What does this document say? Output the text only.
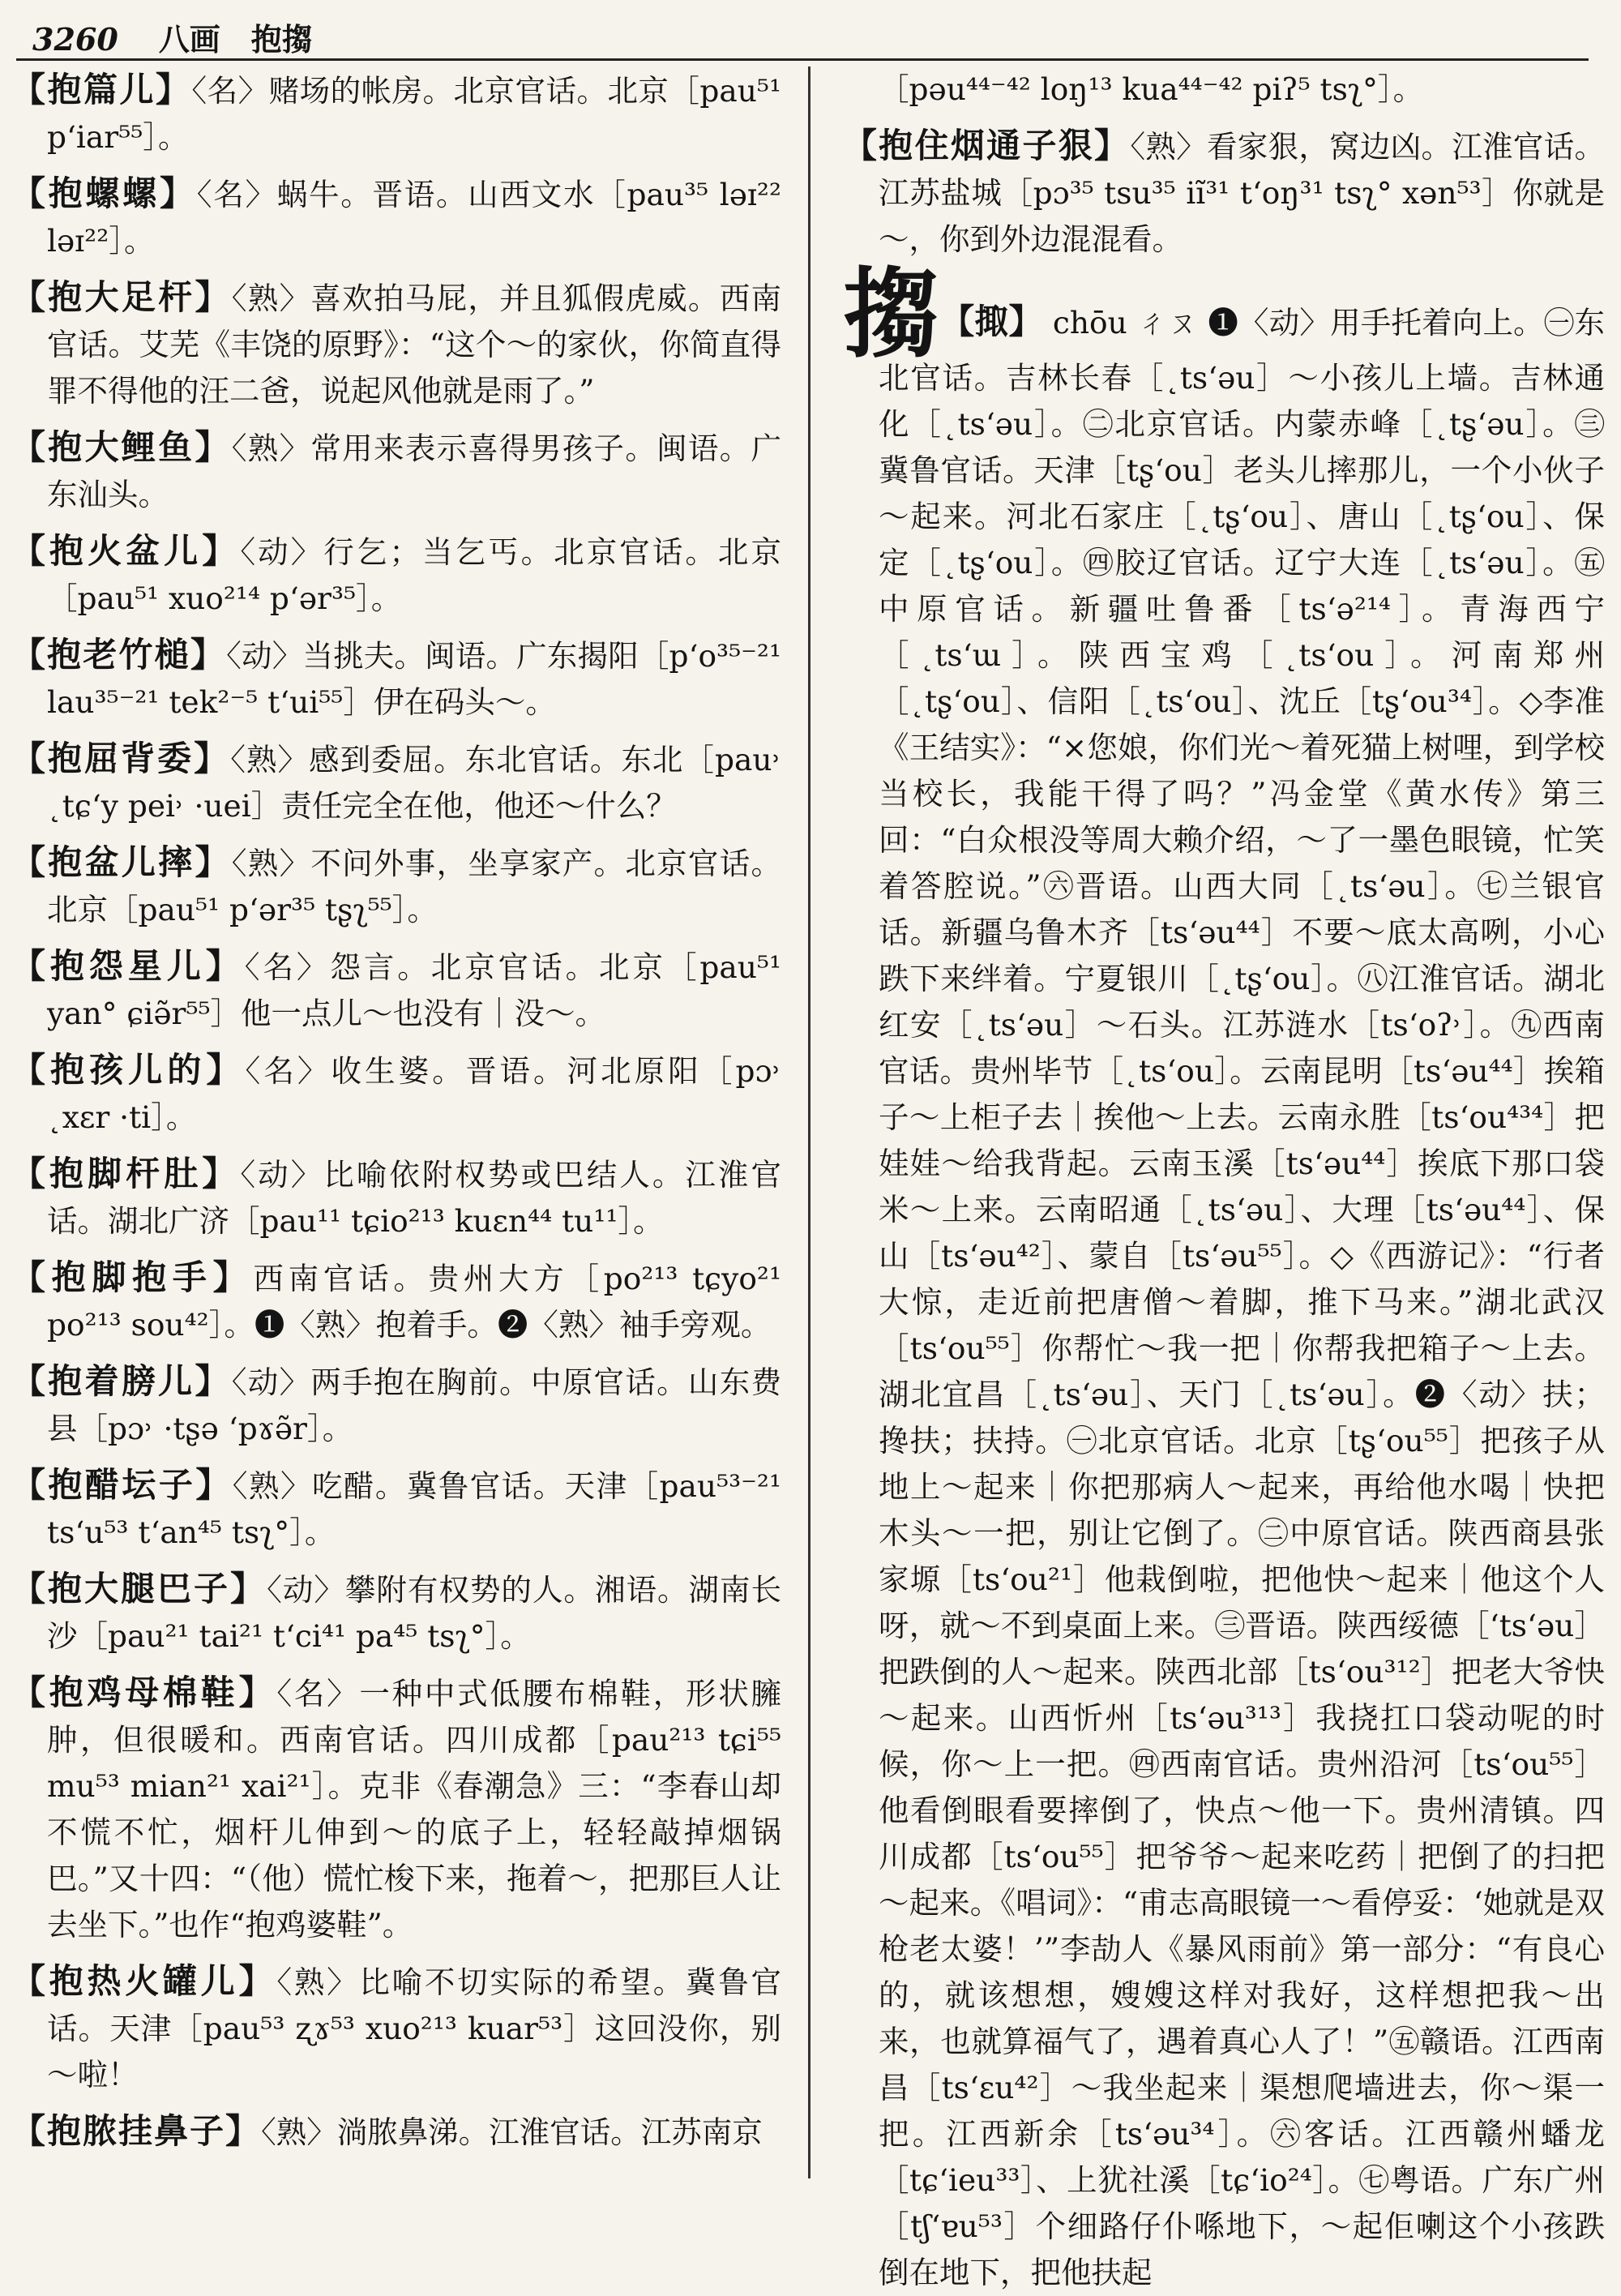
3260 八画　抱搊

【抱篇儿】〈名〉赌场的帐房。北京官话。北京［pau⁵¹ p‘iar⁵⁵］。

【抱螺螺】〈名〉蜗牛。晋语。山西文水［pau³⁵ ləɪ²² ləɪ²²］。

【抱大足杆】〈熟〉喜欢拍马屁，并且狐假虎威。西南官话。艾芜《丰饶的原野》：“这个～的家伙，你简直得罪不得他的汪二爸，说起风他就是雨了。”

【抱大鲤鱼】〈熟〉常用来表示喜得男孩子。闽语。广东汕头。

【抱火盆儿】〈动〉行乞；当乞丐。北京官话。北京［pau⁵¹ xuo²¹⁴ p‘ər³⁵］。

【抱老竹槌】〈动〉当挑夫。闽语。广东揭阳［p‘o³⁵⁻²¹ lau³⁵⁻²¹ tek²⁻⁵ t‘ui⁵⁵］伊在码头～。

【抱屈背委】〈熟〉感到委屈。东北官话。东北［pau˒ ˛tɕ‘y pei˒ ·uei］责任完全在他，他还～什么？

【抱盆儿摔】〈熟〉不问外事，坐享家产。北京官话。北京［pau⁵¹ p‘ər³⁵ tʂʅ⁵⁵］。

【抱怨星儿】〈名〉怨言。北京官话。北京［pau⁵¹ yan° ɕiə̃r⁵⁵］他一点儿～也没有｜没～。

【抱孩儿的】〈名〉收生婆。晋语。河北原阳［pɔ˒ ˛xɛr ·ti］。

【抱脚杆肚】〈动〉比喻依附权势或巴结人。江淮官话。湖北广济［pau¹¹ tɕio²¹³ kuɛn⁴⁴ tu¹¹］。

【抱脚抱手】西南官话。贵州大方［po²¹³ tɕyo²¹ po²¹³ sou⁴²］。❶〈熟〉抱着手。❷〈熟〉袖手旁观。

【抱着膀儿】〈动〉两手抱在胸前。中原官话。山东费县［pɔ˒ ·tʂə ‘pɤə̃r］。

【抱醋坛子】〈熟〉吃醋。冀鲁官话。天津［pau⁵³⁻²¹ ts‘u⁵³ t‘an⁴⁵ tsʅ°］。

【抱大腿巴子】〈动〉攀附有权势的人。湘语。湖南长沙［pau²¹ tai²¹ t‘ci⁴¹ pa⁴⁵ tsʅ°］。

【抱鸡母棉鞋】〈名〉一种中式低腰布棉鞋，形状臃肿，但很暖和。西南官话。四川成都［pau²¹³ tɕi⁵⁵ mu⁵³ mian²¹ xai²¹］。克非《春潮急》三：“李春山却不慌不忙，烟杆儿伸到～的底子上，轻轻敲掉烟锅巴。”又十四：“（他）慌忙梭下来，拖着～，把那巨人让去坐下。”也作“抱鸡婆鞋”。

【抱热火罐儿】〈熟〉比喻不切实际的希望。冀鲁官话。天津［pau⁵³ ʐɤ⁵³ xuo²¹³ kuar⁵³］这回没你，别～啦！

【抱脓挂鼻子】〈熟〉淌脓鼻涕。江淮官话。江苏南京

［pəu⁴⁴⁻⁴² loŋ¹³ kua⁴⁴⁻⁴² piʔ⁵ tsʅ°］。

【抱住烟通子狠】〈熟〉看家狠，窝边凶。江淮官话。江苏盐城［pɔ³⁵ tsu³⁵ iĩ³¹ t‘oŋ³¹ tsʅ° xən⁵³］你就是～，你到外边混混看。

搊【掫】 chōu ㄔㄡ ❶〈动〉用手托着向上。㊀东北官话。吉林长春［˛ts‘əu］～小孩儿上墙。吉林通化［˛ts‘əu］。㊁北京官话。内蒙赤峰［˛tʂ‘əu］。㊂冀鲁官话。天津［tʂ‘ou］老头儿摔那儿，一个小伙子～起来。河北石家庄［˛tʂ‘ou］、唐山［˛tʂ‘ou］、保定［˛tʂ‘ou］。㊃胶辽官话。辽宁大连［˛ts‘əu］。㊄中原官话。新疆吐鲁番［ts‘ə²¹⁴］。青海西宁［˛ts‘ɯ］。陕西宝鸡［˛ts‘ou］。河南郑州［˛tʂ‘ou］、信阳［˛ts‘ou］、沈丘［tʂ‘ou³⁴］。◇李准《王结实》：“×您娘，你们光～着死猫上树哩，到学校当校长，我能干得了吗？”冯金堂《黄水传》第三回：“白众根没等周大赖介绍，～了一墨色眼镜，忙笑着答腔说。”㊅晋语。山西大同［˛ts‘əu］。㊆兰银官话。新疆乌鲁木齐［ts‘əu⁴⁴］不要～底太高咧，小心跌下来绊着。宁夏银川［˛tʂ‘ou］。㊇江淮官话。湖北红安［˛ts‘əu］～石头。江苏涟水［ts‘oʔ˒］。㊈西南官话。贵州毕节［˛ts‘ou］。云南昆明［ts‘əu⁴⁴］挨箱子～上柜子去｜挨他～上去。云南永胜［ts‘ou⁴³⁴］把娃娃～给我背起。云南玉溪［ts‘əu⁴⁴］挨底下那口袋米～上来。云南昭通［˛ts‘əu］、大理［ts‘əu⁴⁴］、保山［ts‘əu⁴²］、蒙自［ts‘əu⁵⁵］。◇《西游记》：“行者大惊，走近前把唐僧～着脚，推下马来。”湖北武汉［ts‘ou⁵⁵］你帮忙～我一把｜你帮我把箱子～上去。湖北宜昌［˛ts‘əu］、天门［˛ts‘əu］。❷〈动〉扶；搀扶；扶持。㊀北京官话。北京［tʂ‘ou⁵⁵］把孩子从地上～起来｜你把那病人～起来，再给他水喝｜快把木头～一把，别让它倒了。㊁中原官话。陕西商县张家塬［ts‘ou²¹］他栽倒啦，把他快～起来｜他这个人呀，就～不到桌面上来。㊂晋语。陕西绥德［‘ts‘əu］把跌倒的人～起来。陕西北部［ts‘ou³¹²］把老大爷快～起来。山西忻州［ts‘əu³¹³］我挠扛口袋动呢的时候，你～上一把。㊃西南官话。贵州沿河［ts‘ou⁵⁵］他看倒眼看要摔倒了，快点～他一下。贵州清镇。四川成都［ts‘ou⁵⁵］把爷爷～起来吃药｜把倒了的扫把～起来。《唱词》：“甫志高眼镜一～看停妥：‘她就是双枪老太婆！’”李劼人《暴风雨前》第一部分：“有良心的，就该想想，嫂嫂这样对我好，这样想把我～出来，也就算福气了，遇着真心人了！”㊄赣语。江西南昌［ts‘ɛu⁴²］～我坐起来｜渠想爬墙进去，你～渠一把。江西新余［ts‘əu³⁴］。㊅客话。江西赣州蟠龙［tɕ‘ieu³³］、上犹社溪［tɕ‘io²⁴］。㊆粤语。广东广州［tʃ‘ɐu⁵³］个细路仔仆喺地下，～起佢喇这个小孩跌倒在地下，把他扶起
